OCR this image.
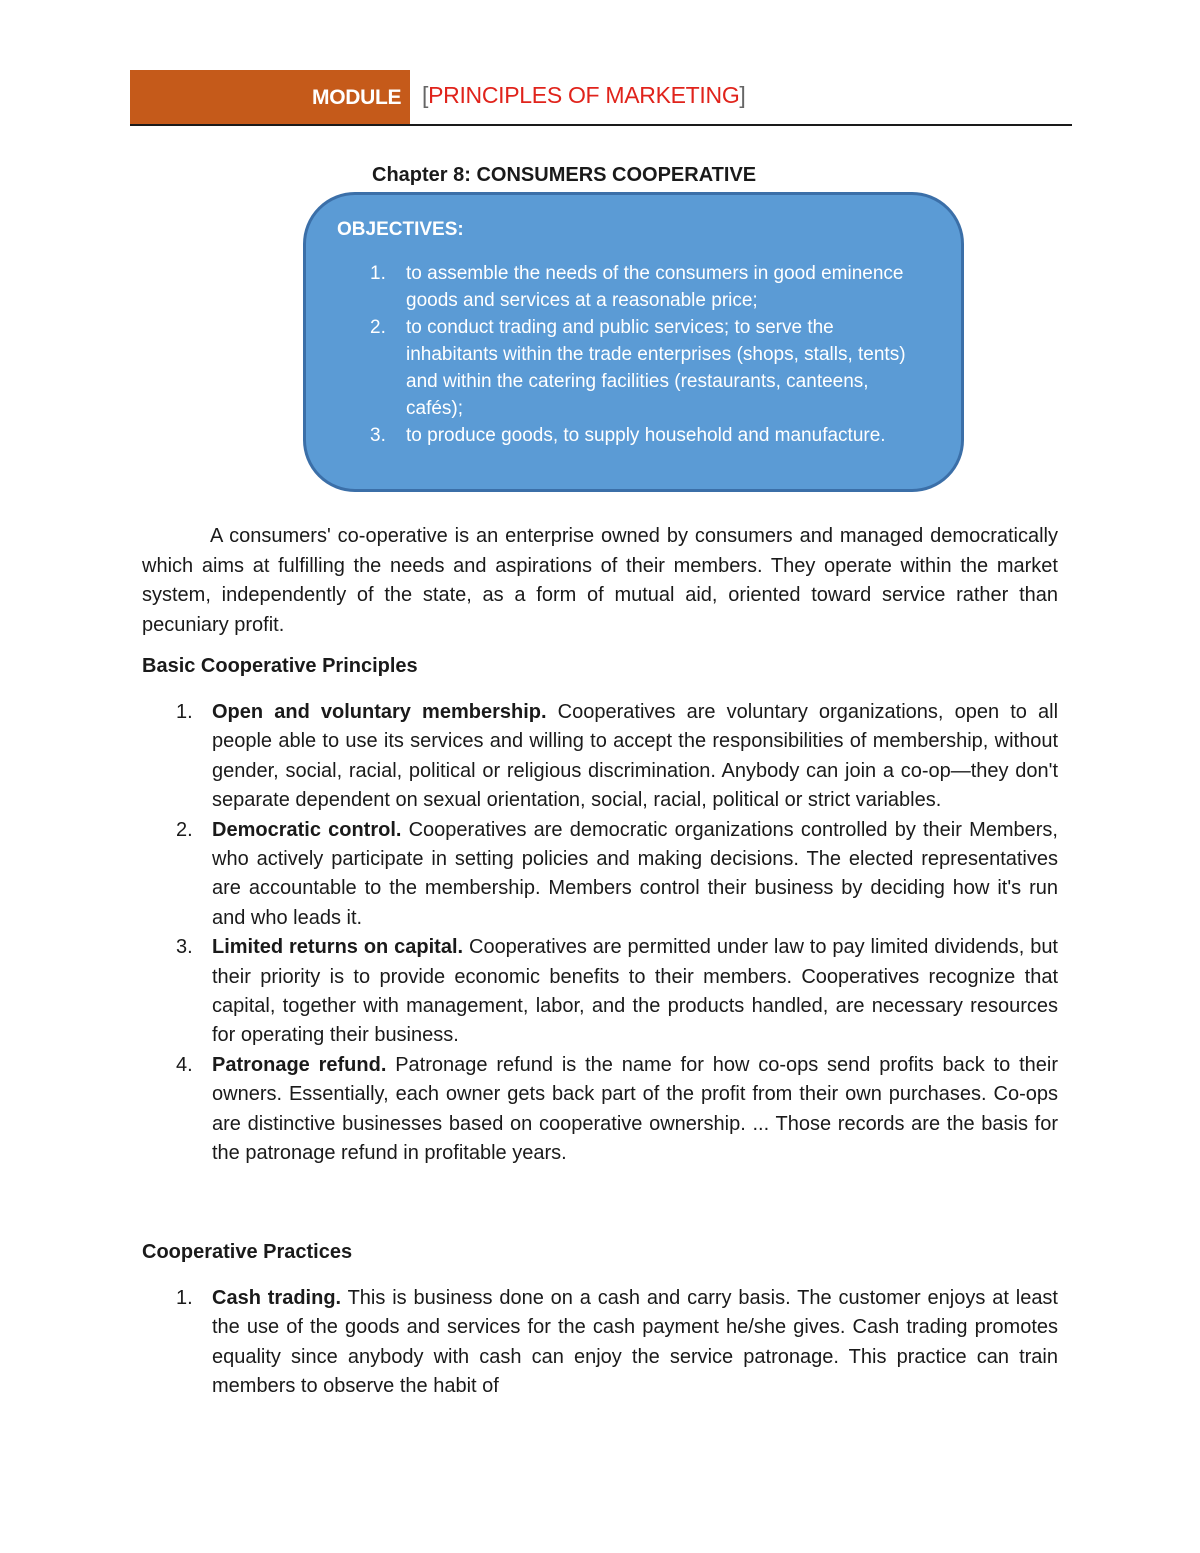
MODULE [PRINCIPLES OF MARKETING]
Chapter 8: CONSUMERS COOPERATIVE
OBJECTIVES:
1. to assemble the needs of the consumers in good eminence goods and services at a reasonable price;
2. to conduct trading and public services; to serve the inhabitants within the trade enterprises (shops, stalls, tents) and within the catering facilities (restaurants, canteens, cafés);
3. to produce goods, to supply household and manufacture.

A consumers' co-operative is an enterprise owned by consumers and managed democratically which aims at fulfilling the needs and aspirations of their members. They operate within the market system, independently of the state, as a form of mutual aid, oriented toward service rather than pecuniary profit.

Basic Cooperative Principles
1. Open and voluntary membership. Cooperatives are voluntary organizations, open to all people able to use its services and willing to accept the responsibilities of membership, without gender, social, racial, political or religious discrimination. Anybody can join a co-op—they don't separate dependent on sexual orientation, social, racial, political or strict variables.
2. Democratic control. Cooperatives are democratic organizations controlled by their Members, who actively participate in setting policies and making decisions. The elected representatives are accountable to the membership. Members control their business by deciding how it's run and who leads it.
3. Limited returns on capital. Cooperatives are permitted under law to pay limited dividends, but their priority is to provide economic benefits to their members. Cooperatives recognize that capital, together with management, labor, and the products handled, are necessary resources for operating their business.
4. Patronage refund. Patronage refund is the name for how co-ops send profits back to their owners. Essentially, each owner gets back part of the profit from their own purchases. Co-ops are distinctive businesses based on cooperative ownership. ... Those records are the basis for the patronage refund in profitable years.
Cooperative Practices
1. Cash trading. This is business done on a cash and carry basis. The customer enjoys at least the use of the goods and services for the cash payment he/she gives. Cash trading promotes equality since anybody with cash can enjoy the service patronage. This practice can train members to observe the habit of
